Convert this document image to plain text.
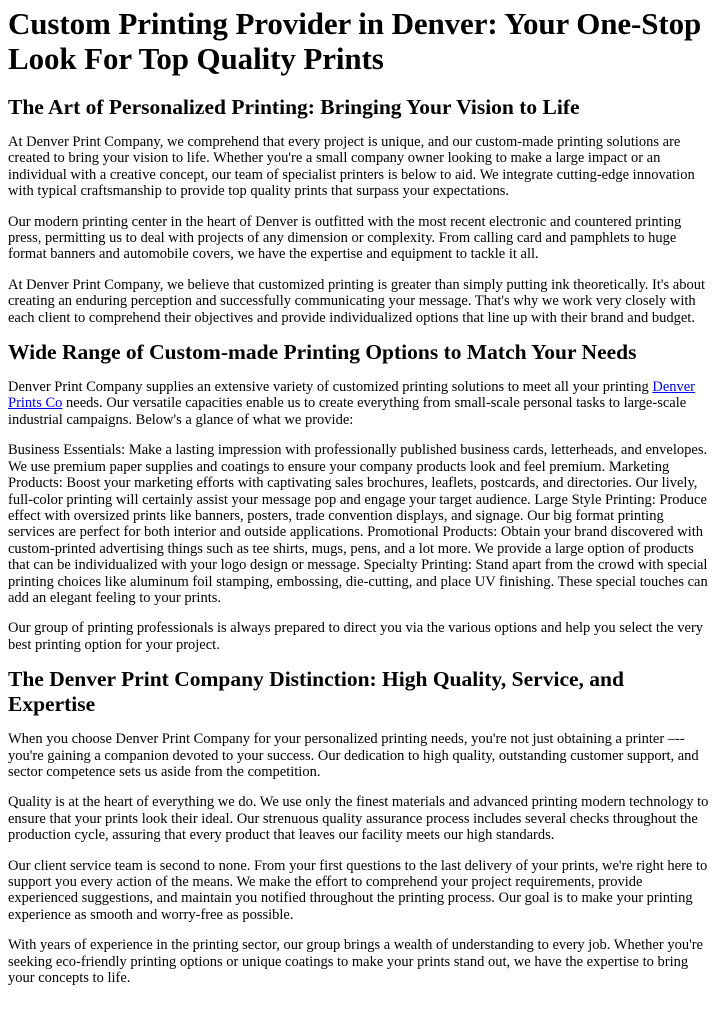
Custom Printing Provider in Denver: Your One-Stop Look For Top Quality Prints
The Art of Personalized Printing: Bringing Your Vision to Life

At Denver Print Company, we comprehend that every project is unique, and our custom-made printing solutions are created to bring your vision to life. Whether you're a small company owner looking to make a large impact or an individual with a creative concept, our team of specialist printers is below to aid. We integrate cutting-edge innovation with typical craftsmanship to provide top quality prints that surpass your expectations.

Our modern printing center in the heart of Denver is outfitted with the most recent electronic and countered printing press, permitting us to deal with projects of any dimension or complexity. From calling card and pamphlets to huge format banners and automobile covers, we have the expertise and equipment to tackle it all.

At Denver Print Company, we believe that customized printing is greater than simply putting ink theoretically. It's about creating an enduring perception and successfully communicating your message. That's why we work very closely with each client to comprehend their objectives and provide individualized options that line up with their brand and budget.

Wide Range of Custom-made Printing Options to Match Your Needs

Denver Print Company supplies an extensive variety of customized printing solutions to meet all your printing Denver Prints Co needs. Our versatile capacities enable us to create everything from small-scale personal tasks to large-scale industrial campaigns. Below's a glance of what we provide:

Business Essentials: Make a lasting impression with professionally published business cards, letterheads, and envelopes. We use premium paper supplies and coatings to ensure your company products look and feel premium. Marketing Products: Boost your marketing efforts with captivating sales brochures, leaflets, postcards, and directories. Our lively, full-color printing will certainly assist your message pop and engage your target audience. Large Style Printing: Produce effect with oversized prints like banners, posters, trade convention displays, and signage. Our big format printing services are perfect for both interior and outside applications. Promotional Products: Obtain your brand discovered with custom-printed advertising things such as tee shirts, mugs, pens, and a lot more. We provide a large option of products that can be individualized with your logo design or message. Specialty Printing: Stand apart from the crowd with special printing choices like aluminum foil stamping, embossing, die-cutting, and place UV finishing. These special touches can add an elegant feeling to your prints.

Our group of printing professionals is always prepared to direct you via the various options and help you select the very best printing option for your project.

The Denver Print Company Distinction: High Quality, Service, and Expertise

When you choose Denver Print Company for your personalized printing needs, you're not just obtaining a printer –-- you're gaining a companion devoted to your success. Our dedication to high quality, outstanding customer support, and sector competence sets us aside from the competition.

Quality is at the heart of everything we do. We use only the finest materials and advanced printing modern technology to ensure that your prints look their ideal. Our strenuous quality assurance process includes several checks throughout the production cycle, assuring that every product that leaves our facility meets our high standards.

Our client service team is second to none. From your first questions to the last delivery of your prints, we're right here to support you every action of the means. We make the effort to comprehend your project requirements, provide experienced suggestions, and maintain you notified throughout the printing process. Our goal is to make your printing experience as smooth and worry-free as possible.

With years of experience in the printing sector, our group brings a wealth of understanding to every job. Whether you're seeking eco-friendly printing options or unique coatings to make your prints stand out, we have the expertise to bring your concepts to life.
